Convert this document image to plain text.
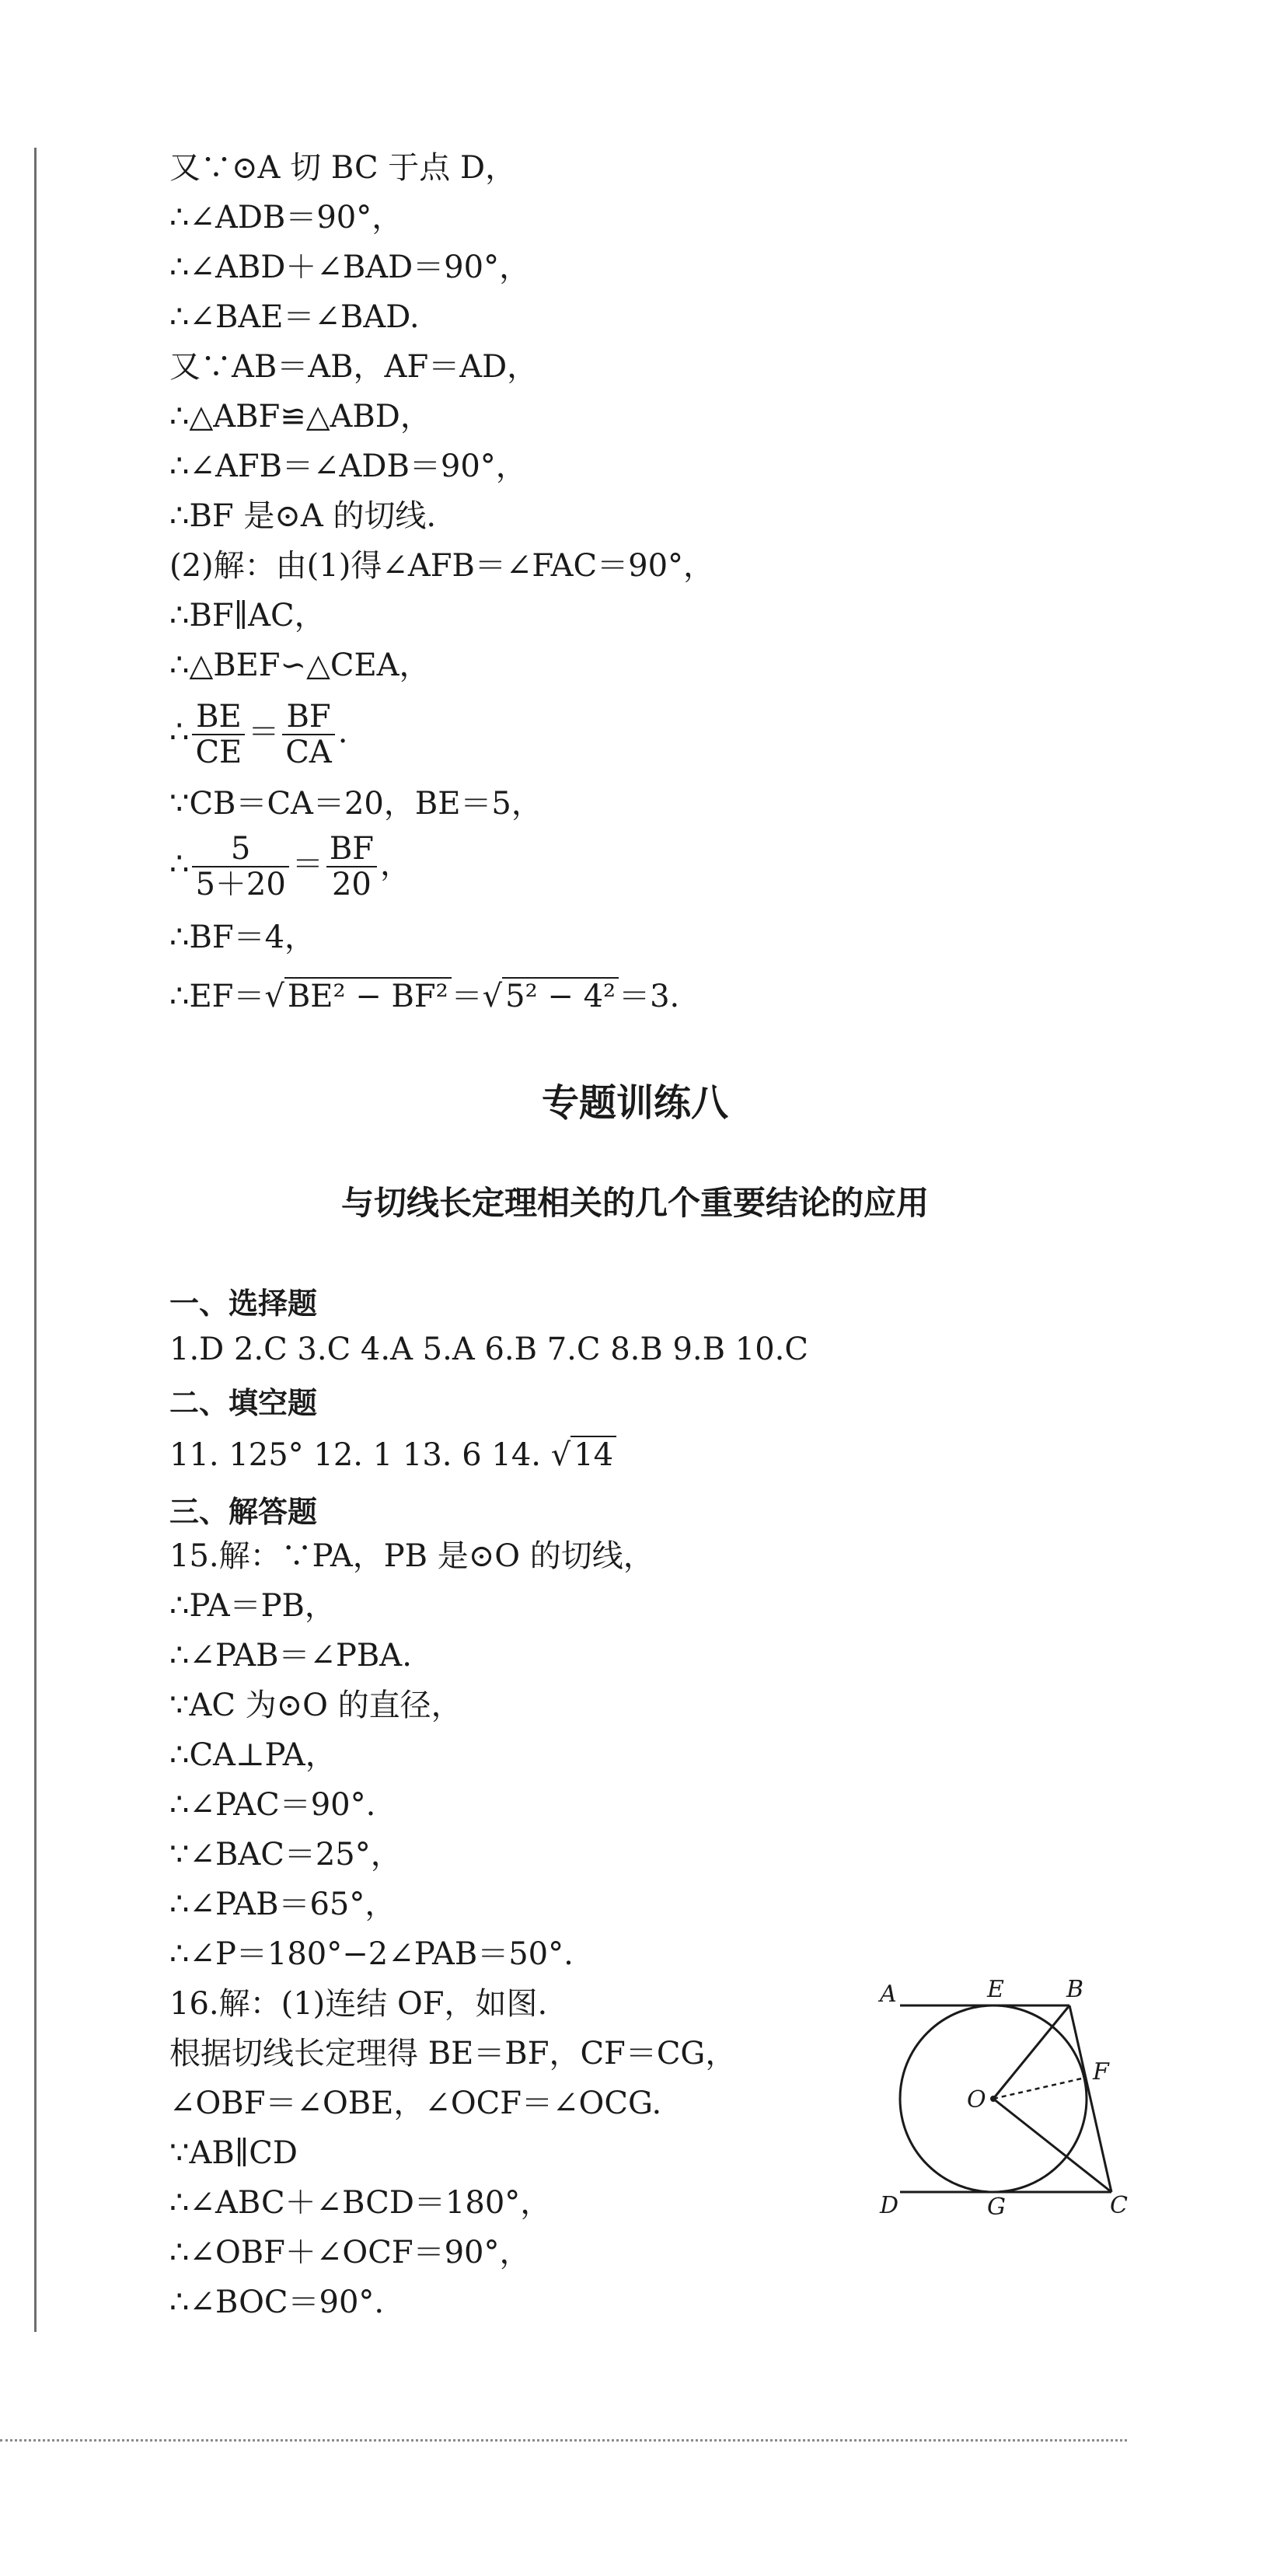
又∵⊙A 切 BC 于点 D，
∴∠ADB＝90°，
∴∠ABD＋∠BAD＝90°，
∴∠BAE＝∠BAD.
又∵AB＝AB，AF＝AD，
∴△ABF≌△ABD，
∴∠AFB＝∠ADB＝90°，
∴BF 是⊙A 的切线.
(2)解：由(1)得∠AFB＝∠FAC＝90°，
∴BF∥AC，
∴△BEF∽△CEA，
∴ $\frac{BE}{CE} = \frac{BF}{CA}$ .
∵CB＝CA＝20，BE＝5，
∴ $\frac{5}{5+20} = \frac{BF}{20}$ ，
∴BF＝4，
∴EF＝√ BE² − BF² ＝√ 5² − 4² ＝3.
专题训练八
与切线长定理相关的几个重要结论的应用
一、选择题
1.D 2.C 3.C 4.A 5.A 6.B 7.C 8.B 9.B 10.C
二、填空题
11. 125° 12. 1 13. 6 14. √ 14
三、解答题
15.解：∵PA，PB 是⊙O 的切线，
∴PA＝PB，
∴∠PAB＝∠PBA.
∵AC 为⊙O 的直径，
∴CA⊥PA，
∴∠PAC＝90°.
∵∠BAC＝25°，
∴∠PAB＝65°，
∴∠P＝180°−2∠PAB＝50°.
16.解：(1)连结 OF，如图.
根据切线长定理得 BE＝BF，CF＝CG，
∠OBF＝∠OBE，∠OCF＝∠OCG.
∵AB∥CD
∴∠ABC＋∠BCD＝180°，
∴∠OBF＋∠OCF＝90°，
∴∠BOC＝90°.
A	E	B
O
F
D	G	C
